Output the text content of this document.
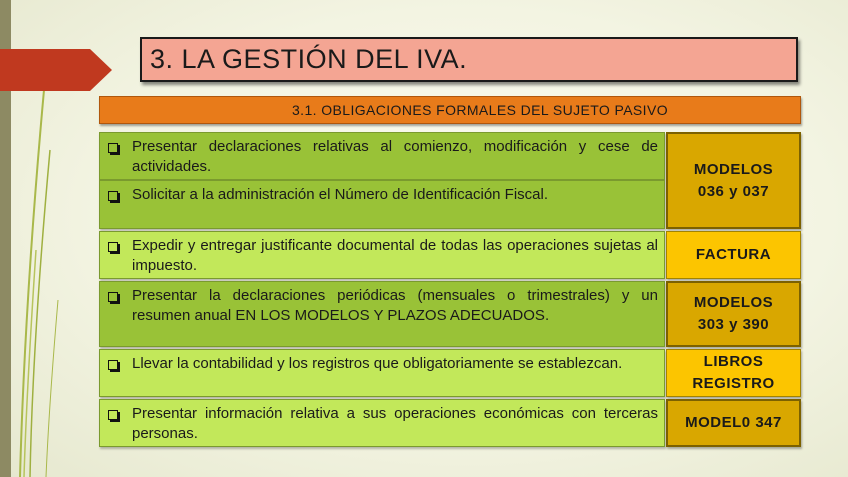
3. LA GESTIÓN DEL IVA.
3.1. OBLIGACIONES FORMALES DEL SUJETO PASIVO
Presentar declaraciones relativas al comienzo, modificación y cese de actividades.
Solicitar a la administración el Número de Identificación Fiscal.
Expedir y entregar justificante documental de todas las operaciones sujetas al impuesto.
Presentar la declaraciones periódicas (mensuales o trimestrales) y un resumen anual EN LOS MODELOS Y PLAZOS ADECUADOS.
Llevar la contabilidad y los registros que obligatoriamente se establezcan.
Presentar información relativa a sus operaciones económicas con terceras personas.
MODELOS
036 y 037
FACTURA
MODELOS
303 y 390
LIBROS
REGISTRO
MODEL0 347
